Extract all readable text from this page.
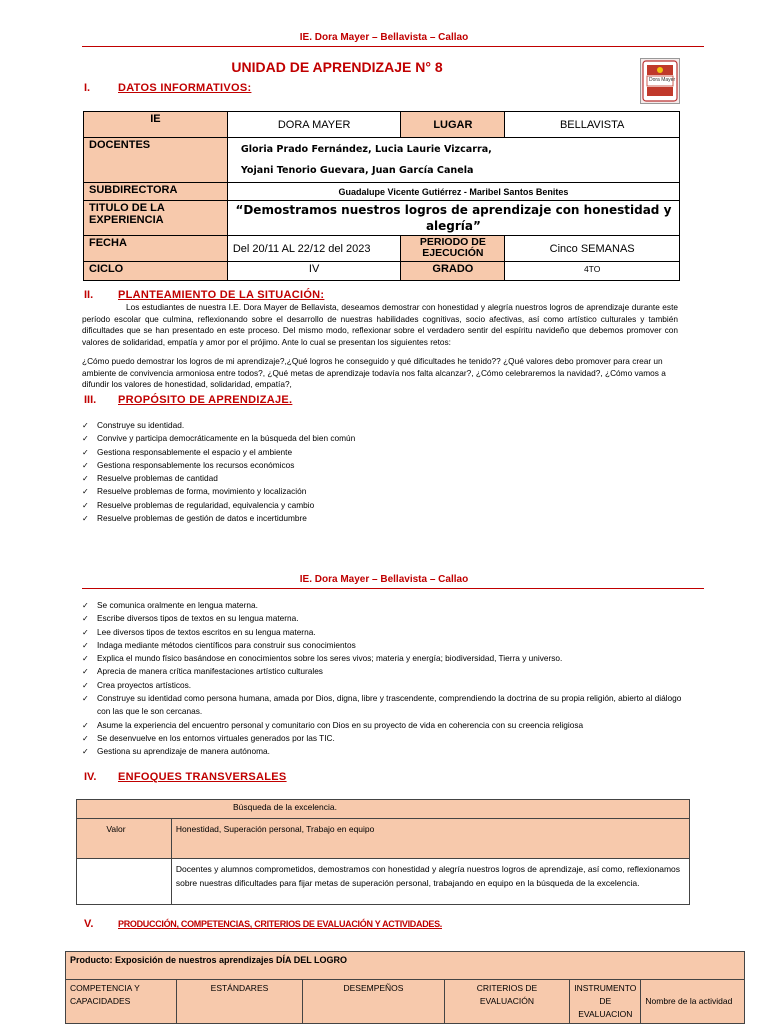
IE. Dora Mayer – Bellavista – Callao
UNIDAD DE APRENDIZAJE N° 8
Dora Mayer
I.	DATOS INFORMATIVOS:
IE	DORA MAYER	LUGAR	BELLAVISTA
DOCENTES	Gloria Prado Fernández, Lucia Laurie Vizcarra,
Yojani Tenorio Guevara, Juan García Canela		

SUBDIRECTORA	Guadalupe Vicente Gutiérrez - Maribel Santos Benites		
TITULO DE LA EXPERIENCIA	“Demostramos nuestros logros de aprendizaje con honestidad y alegría”		
FECHA	Del 20/11 AL 22/12 del 2023	PERIODO DE EJECUCIÓN	Cinco SEMANAS
CICLO	IV	GRADO	4TO
II. PLANTEAMIENTO DE LA SITUACIÓN:
Los estudiantes de nuestra I.E. Dora Mayer de Bellavista, deseamos demostrar con honestidad y alegría nuestros logros de aprendizaje durante este período escolar que culmina, reflexionando sobre el desarrollo de nuestras habilidades cognitivas, socio afectivas, así como artístico culturales y también dificultades que se han presentado en este proceso. Del mismo modo, reflexionar sobre el verdadero sentir del espíritu navideño que debemos promover con valores de solidaridad, empatía y amor por el prójimo. Ante lo cual se presentan los siguientes retos:
¿Cómo puedo demostrar los logros de mi aprendizaje?,¿Qué logros he conseguido y qué dificultades he tenido?? ¿Qué valores debo promover para crear un ambiente de convivencia armoniosa entre todos?, ¿Qué metas de aprendizaje todavía nos falta alcanzar?, ¿Cómo celebraremos la navidad?, ¿Cómo vamos a difundir los valores de honestidad, solidaridad, empatía?,
III. PROPÓSITO DE APRENDIZAJE.
✓ Construye su identidad.
✓ Convive y participa democráticamente en la búsqueda del bien común
✓ Gestiona responsablemente el espacio y el ambiente
✓ Gestiona responsablemente los recursos económicos
✓ Resuelve problemas de cantidad
✓ Resuelve problemas de forma, movimiento y localización
✓ Resuelve problemas de regularidad, equivalencia y cambio
✓ Resuelve problemas de gestión de datos e incertidumbre
IE. Dora Mayer – Bellavista – Callao
✓ Se comunica oralmente en lengua materna.
✓ Escribe diversos tipos de textos en su lengua materna.
✓ Lee diversos tipos de textos escritos en su lengua materna.
✓ Indaga mediante métodos científicos para construir sus conocimientos
✓ Explica el mundo físico basándose en conocimientos sobre los seres vivos; materia y energía; biodiversidad, Tierra y universo.
✓ Aprecia de manera crítica manifestaciones artístico culturales
✓ Crea proyectos artísticos.
✓ Construye su identidad como persona humana, amada por Dios, digna, libre y trascendente, comprendiendo la doctrina de su propia religión, abierto al diálogo con las que le son cercanas.
✓ Asume la experiencia del encuentro personal y comunitario con Dios en su proyecto de vida en coherencia con su creencia religiosa
✓ Se desenvuelve en los entornos virtuales generados por las TIC.
✓ Gestiona su aprendizaje de manera autónoma.
IV. ENFOQUES TRANSVERSALES
Búsqueda de la excelencia.	
Valor	Honestidad, Superación personal, Trabajo en equipo
	Docentes y alumnos comprometidos, demostramos con honestidad y alegría nuestros logros de aprendizaje, así como, reflexionamos sobre nuestras dificultades para fijar metas de superación personal, trabajando en equipo en la búsqueda de la excelencia.
V.	PRODUCCIÓN, COMPETENCIAS, CRITERIOS DE EVALUACIÓN Y ACTIVIDADES.
Producto: Exposición de nuestros aprendizajes DÍA DEL LOGRO
COMPETENCIA Y CAPACIDADES	ESTÁNDARES	DESEMPEÑOS	CRITERIOS DE EVALUACIÓN	INSTRUMENTO DE EVALUACION	Nombre de la actividad
